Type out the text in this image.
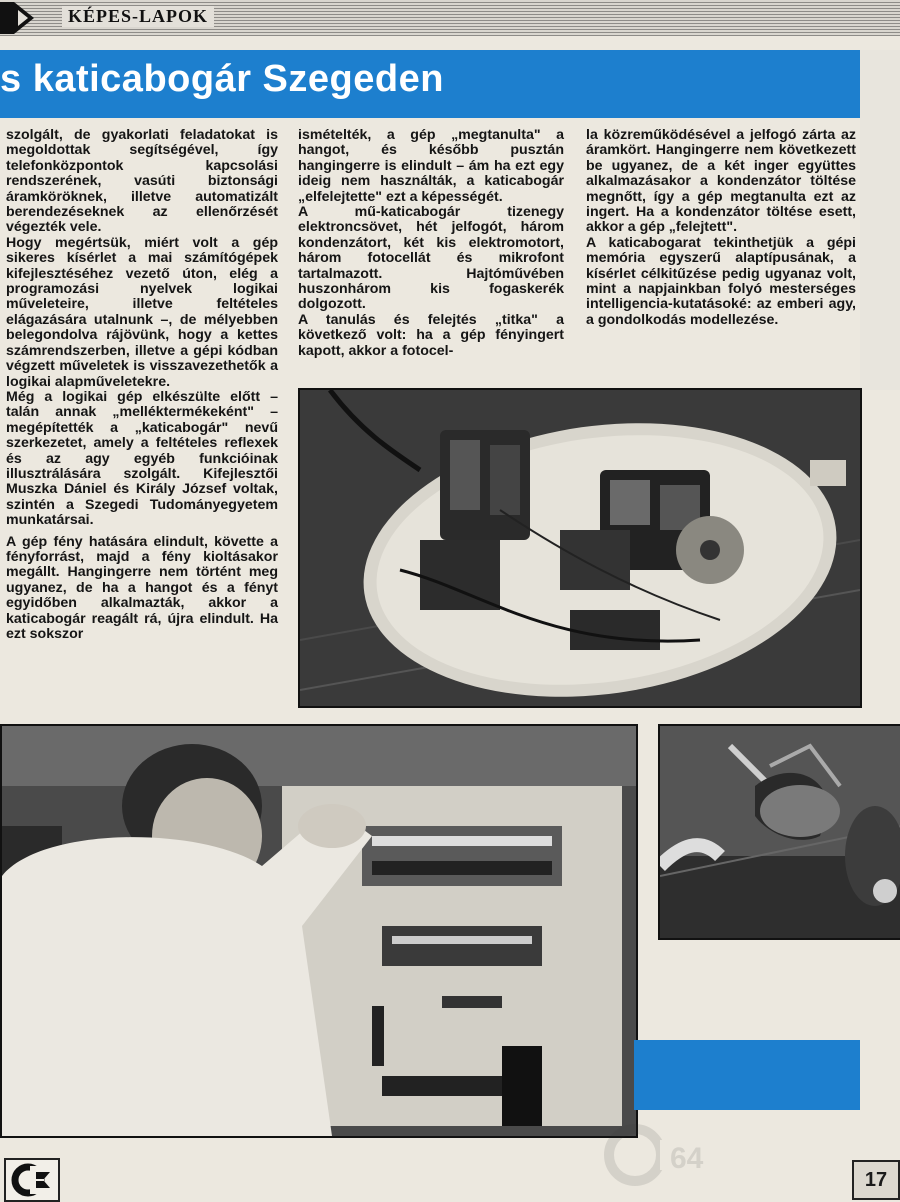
KÉPES-LAPOK
s katicabogár Szegeden

szolgált, de gyakorlati feladatokat is megoldottak segítségével, így telefonközpontok kapcsolási rendszerének, vasúti biztonsági áramköröknek, illetve automatizált berendezéseknek az ellenőrzését végezték vele.

Hogy megértsük, miért volt a gép sikeres kísérlet a mai számítógépek kifejlesztéséhez vezető úton, elég a programozási nyelvek logikai műveleteire, illetve feltételes elágazására utalnunk –, de mélyebben belegondolva rájövünk, hogy a kettes számrendszerben, illetve a gépi kódban végzett műveletek is visszavezethetők a logikai alapműveletekre.

Még a logikai gép elkészülte előtt – talán annak „melléktermékeként" – megépítették a „katicabogár" nevű szerkezetet, amely a feltételes reflexek és az agy egyéb funkcióinak illusztrálására szolgált. Kifejlesztői Muszka Dániel és Király József voltak, szintén a Szegedi Tudományegyetem munkatársai.

A gép fény hatására elindult, követte a fényforrást, majd a fény kioltásakor megállt. Hangingerre nem történt meg ugyanez, de ha a hangot és a fényt egyidőben alkalmazták, akkor a katicabogár reagált rá, újra elindult. Ha ezt sokszor

ismételték, a gép „megtanulta" a hangot, és később pusztán hangingerre is elindult – ám ha ezt egy ideig nem használták, a katicabogár „elfelejtette" ezt a képességét.

A mű-katicabogár tizenegy elektroncsövet, hét jelfogót, három kondenzátort, két kis elektromotort, három fotocellát és mikrofont tartalmazott. Hajtóművében huszonhárom kis fogaskerék dolgozott.

A tanulás és felejtés „titka" a következő volt: ha a gép fényingert kapott, akkor a fotocel-

la közreműködésével a jelfogó zárta az áramkört. Hangingerre nem következett be ugyanez, de a két inger együttes alkalmazásakor a kondenzátor töltése megnőtt, így a gép megtanulta ezt az ingert. Ha a kondenzátor töltése esett, akkor a gép „felejtett".

A katicabogarat tekinthetjük a gépi memória egyszerű alaptípusának, a kísérlet célkitűzése pedig ugyanaz volt, mint a napjainkban folyó mesterséges intelligencia-kutatásoké: az emberi agy, a gondolkodás modellezése.

64
17
